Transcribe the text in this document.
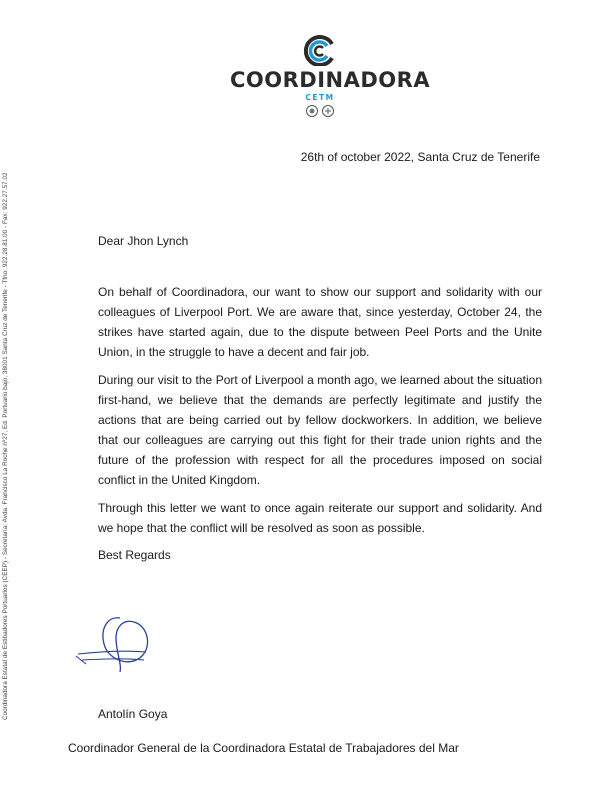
COORDINADORA
CETM
26th of october 2022, Santa Cruz de Tenerife
Dear Jhon Lynch

On behalf of Coordinadora, our want to show our support and solidarity with our colleagues of Liverpool Port. We are aware that, since yesterday, October 24, the strikes have started again, due to the dispute between Peel Ports and the Unite Union, in the struggle to have a decent and fair job.

During our visit to the Port of Liverpool a month ago, we learned about the situation first-hand, we believe that the demands are perfectly legitimate and justify the actions that are being carried out by fellow dockworkers. In addition, we believe that our colleagues are carrying out this fight for their trade union rights and the future of the profession with respect for all the procedures imposed on social conflict in the United Kingdom.

Through this letter we want to once again reiterate our support and solidarity. And we hope that the conflict will be resolved as soon as possible.

Best Regards
Antolín Goya
Coordinador General de la Coordinadora Estatal de Trabajadores del Mar
Coordinadora Estatal de Estibadores Portuarios (CEEP) - Secretaría: Avda. Francisco La Roche nº27, Ed. Portuario bajo, 38001 Santa Cruz de Tenerife - Tfno: 922.28.81.00 - Fax: 922.27.57.02
